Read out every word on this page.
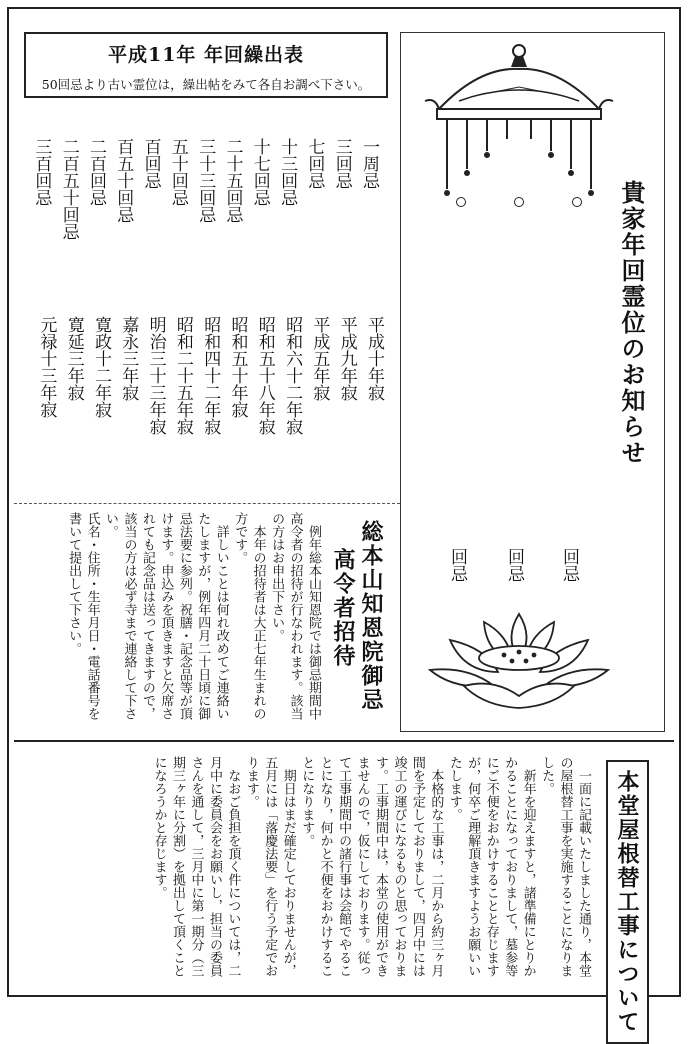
平成11年 年回繰出表
50回忌より古い霊位は，繰出帖をみて各自お調べ下さい。
一周忌
平成十年寂
三回忌
平成九年寂
七回忌
平成五年寂
十三回忌
昭和六十二年寂
十七回忌
昭和五十八年寂
二十五回忌
昭和五十年寂
三十三回忌
昭和四十二年寂
五十回忌
昭和二十五年寂
百回忌
明治三十三年寂
百五十回忌
嘉永三年寂
二百回忌
寛政十二年寂
二百五十回忌
寛延三年寂
三百回忌
元禄十三年寂	貴家年回霊位のお知らせ
回忌
回忌
回忌
総本山知恩院御忌
高令者招待
　例年総本山知恩院では御忌期間中高令者の招待が行なわれます。該当の方はお申出下さい。
　本年の招待者は大正七年生まれの方です。
　詳しいことは何れ改めてご連絡いたしますが，例年四月二十日頃に御忌法要に参列。祝膳・記念品等が頂けます。申込みを頂きますと欠席されても記念品は送ってきますので，該当の方は必ず寺まで連絡して下さい。
氏名・住所・生年月日・電話番号を書いて提出して下さい。
本堂屋根替工事について
　一面に記載いたしました通り，本堂の屋根替工事を実施することになりました。
　新年を迎えますと，諸準備にとりかかることになっておりまして，墓参等にご不便をおかけすることと存じますが，何卒ご理解頂きますようお願いいたします。
　本格的な工事は，二月から約三ヶ月間を予定しておりまして，四月中には竣工の運びになるものと思っております。工事期間中は，本堂の使用ができませんので，仮にしております。従って工事期間中の諸行事は会館でやることになり，何かと不便をおかけすることになります。
　期日はまだ確定しておりませんが，五月には「落慶法要」を行う予定でおります。
　なおご負担を頂く件については，二月中に委員会をお願いし，担当の委員さんを通して，三月中に第一期分（三期三ヶ年に分割）を拠出して頂くことになろうかと存じます。
